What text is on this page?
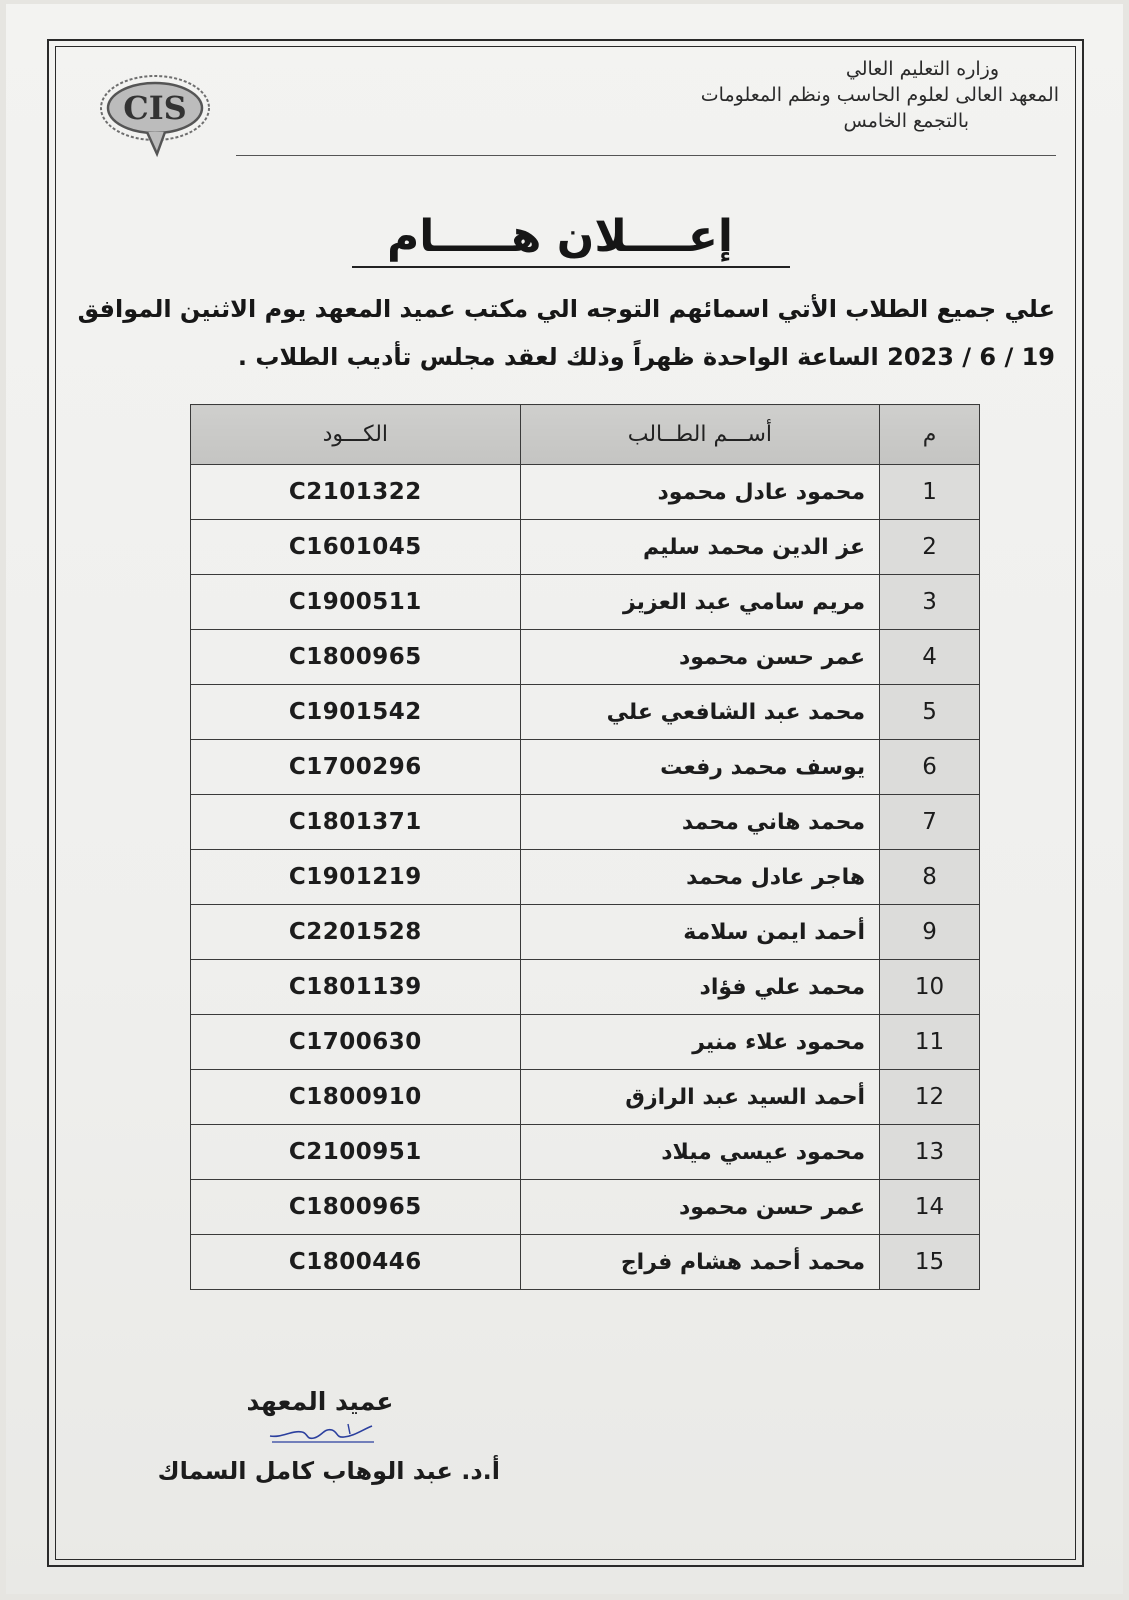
CIS
وزاره التعليم العالي
المعهد العالى لعلوم الحاسب ونظم المعلومات
بالتجمع الخامس
إعــــلان هـــــام
علي جميع الطلاب الأتي اسمائهم التوجه الي مكتب عميد المعهد يوم الاثنين الموافق
19 / 6 / 2023 الساعة الواحدة ظهراً وذلك لعقد مجلس تأديب الطلاب .
م	أســـم الطــالب	الكـــود
1	محمود عادل محمود	C2101322
2	عز الدين محمد سليم	C1601045
3	مريم سامي عبد العزيز	C1900511
4	عمر حسن محمود	C1800965
5	محمد عبد الشافعي علي	C1901542
6	يوسف محمد رفعت	C1700296
7	محمد هاني محمد	C1801371
8	هاجر عادل محمد	C1901219
9	أحمد ايمن سلامة	C2201528
10	محمد علي فؤاد	C1801139
11	محمود علاء منير	C1700630
12	أحمد السيد عبد الرازق	C1800910
13	محمود عيسي ميلاد	C2100951
14	عمر حسن محمود	C1800965
15	محمد أحمد هشام فراج	C1800446
عميد المعهد
أ.د. عبد الوهاب كامل السماك
